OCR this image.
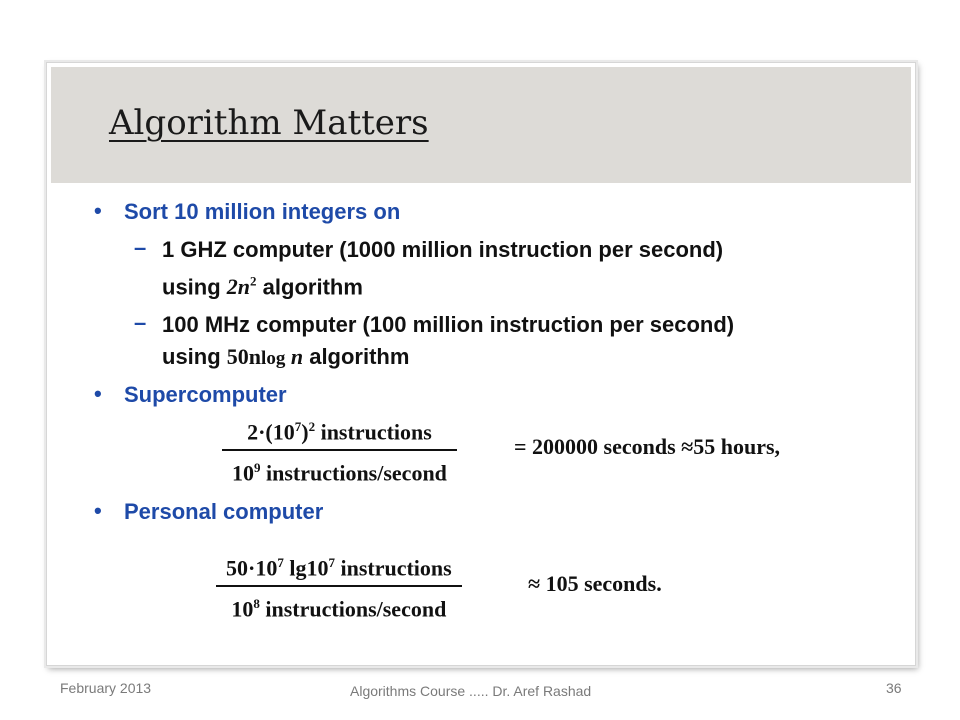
Algorithm Matters
• Sort 10 million integers on
– 1 GHZ computer (1000 million instruction per second)
using $2n^2$ algorithm
– 100 MHz computer (100 million instruction per second)
using 50nlog n algorithm
• Supercomputer
$2\cdot(10^7)^2$ instructions
$10^9$ instructions/second
= 200000 seconds ≈55 hours,
• Personal computer
$50\cdot 10^7$ $\lg 10^7$ instructions
$10^8$ instructions/second
≈ 105 seconds.
February 2013	Algorithms Course ..... Dr. Aref Rashad	36
